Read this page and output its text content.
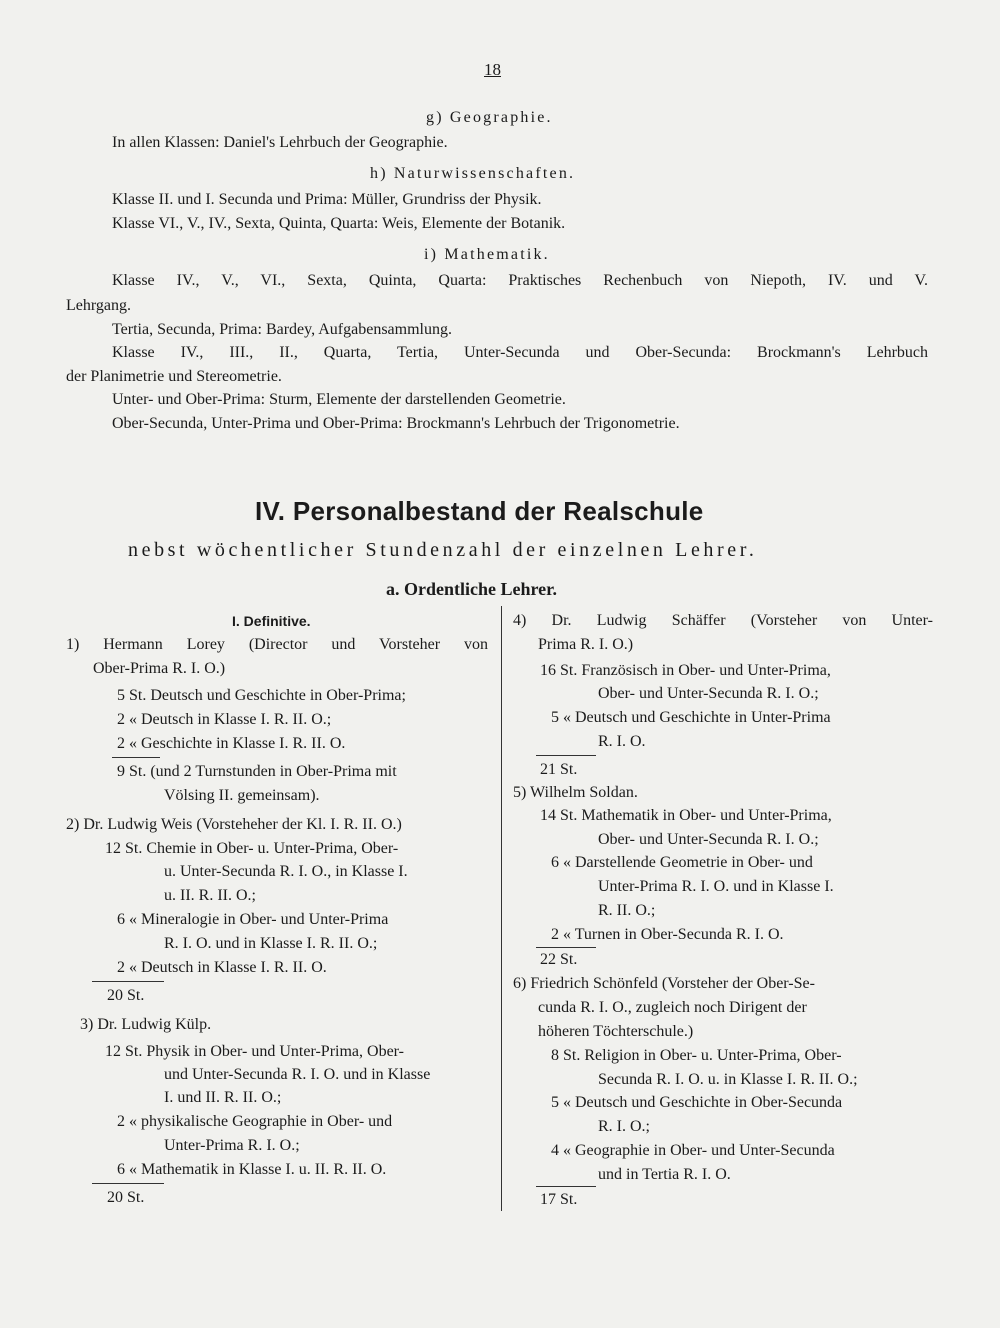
18
g) Geographie.
In allen Klassen: Daniel's Lehrbuch der Geographie.
h) Naturwissenschaften.
Klasse II. und I. Secunda und Prima: Müller, Grundriss der Physik.
Klasse VI., V., IV., Sexta, Quinta, Quarta: Weis, Elemente der Botanik.
i) Mathematik.
Klasse IV., V., VI., Sexta, Quinta, Quarta: Praktisches Rechenbuch von Niepoth, IV. und V.
Lehrgang.
Tertia, Secunda, Prima: Bardey, Aufgabensammlung.
Klasse IV., III., II., Quarta, Tertia, Unter-Secunda und Ober-Secunda: Brockmann's Lehrbuch
der Planimetrie und Stereometrie.
Unter- und Ober-Prima: Sturm, Elemente der darstellenden Geometrie.
Ober-Secunda, Unter-Prima und Ober-Prima: Brockmann's Lehrbuch der Trigonometrie.
IV. Personalbestand der Realschule
nebst wöchentlicher Stundenzahl der einzelnen Lehrer.
a. Ordentliche Lehrer.
I. Definitive.
1) Hermann Lorey (Director und Vorsteher von
Ober-Prima R. I. O.)
5 St. Deutsch und Geschichte in Ober-Prima;
2 « Deutsch in Klasse I. R. II. O.;
2 « Geschichte in Klasse I. R. II. O.
9 St. (und 2 Turnstunden in Ober-Prima mit
Völsing II. gemeinsam).
2) Dr. Ludwig Weis (Vorsteheher der Kl. I. R. II. O.)
12 St. Chemie in Ober- u. Unter-Prima, Ober-
u. Unter-Secunda R. I. O., in Klasse I.
u. II. R. II. O.;
6 « Mineralogie in Ober- und Unter-Prima
R. I. O. und in Klasse I. R. II. O.;
2 « Deutsch in Klasse I. R. II. O.
20 St.
3) Dr. Ludwig Külp.
12 St. Physik in Ober- und Unter-Prima, Ober-
und Unter-Secunda R. I. O. und in Klasse
I. und II. R. II. O.;
2 « physikalische Geographie in Ober- und
Unter-Prima R. I. O.;
6 « Mathematik in Klasse I. u. II. R. II. O.
20 St.
4) Dr. Ludwig Schäffer (Vorsteher von Unter-
Prima R. I. O.)
16 St. Französisch in Ober- und Unter-Prima,
Ober- und Unter-Secunda R. I. O.;
5 « Deutsch und Geschichte in Unter-Prima
R. I. O.
21 St.
5) Wilhelm Soldan.
14 St. Mathematik in Ober- und Unter-Prima,
Ober- und Unter-Secunda R. I. O.;
6 « Darstellende Geometrie in Ober- und
Unter-Prima R. I. O. und in Klasse I.
R. II. O.;
2 « Turnen in Ober-Secunda R. I. O.
22 St.
6) Friedrich Schönfeld (Vorsteher der Ober-Se-
cunda R. I. O., zugleich noch Dirigent der
höheren Töchterschule.)
8 St. Religion in Ober- u. Unter-Prima, Ober-
Secunda R. I. O. u. in Klasse I. R. II. O.;
5 « Deutsch und Geschichte in Ober-Secunda
R. I. O.;
4 « Geographie in Ober- und Unter-Secunda
und in Tertia R. I. O.
17 St.
